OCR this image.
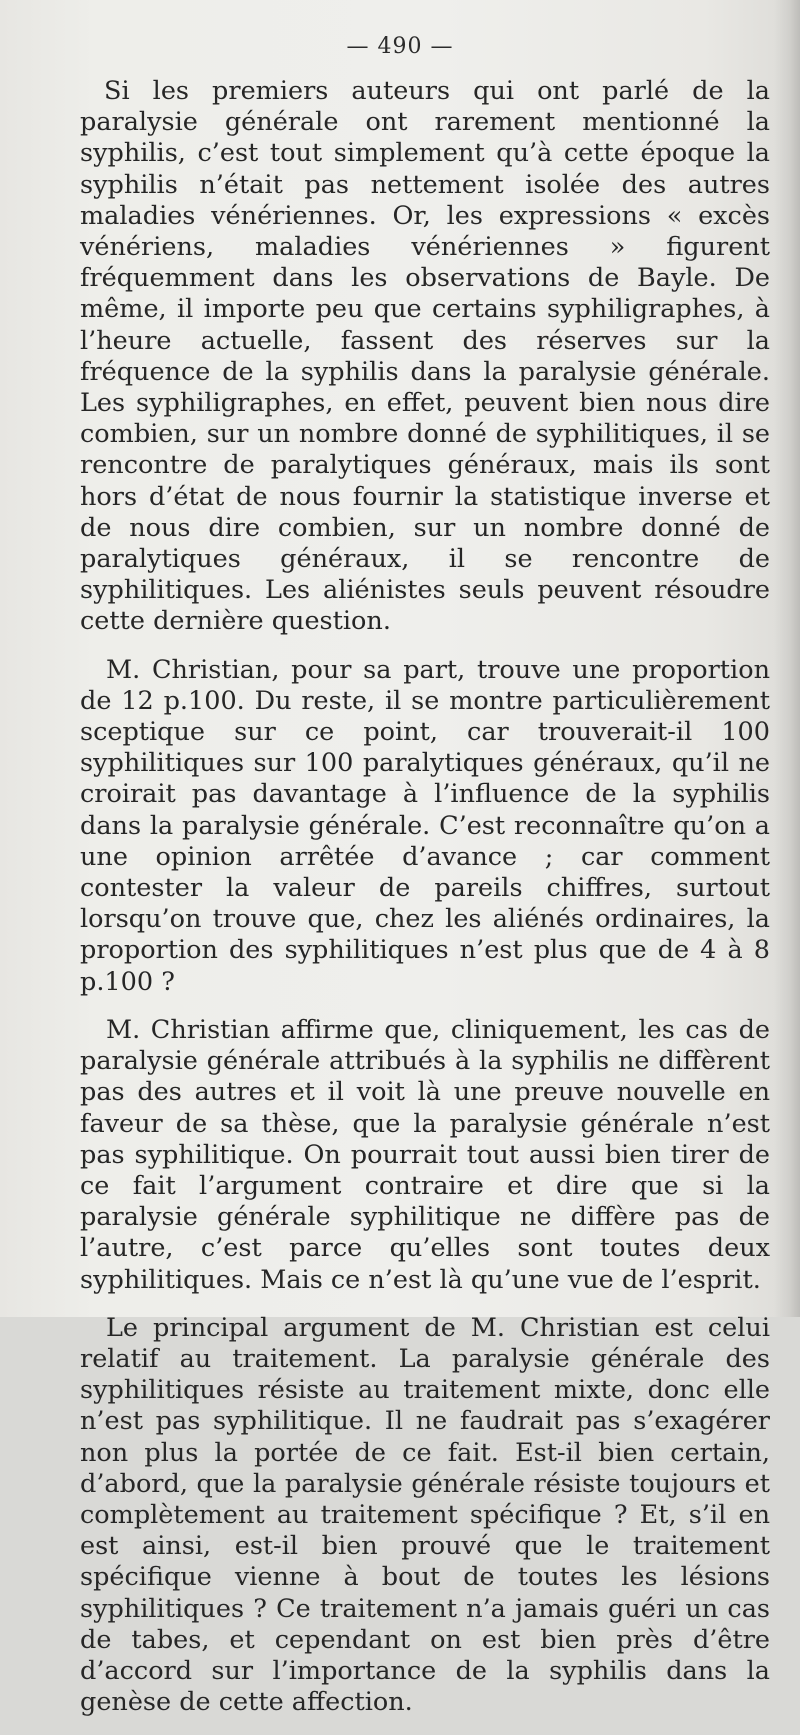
— 490 —

Si les premiers auteurs qui ont parlé de la paralysie générale ont rarement mentionné la syphilis, c’est tout simplement qu’à cette époque la syphilis n’était pas nettement isolée des autres maladies vénériennes. Or, les expressions « excès vénériens, maladies vénériennes » figurent fréquemment dans les observations de Bayle. De même, il importe peu que certains syphiligraphes, à l’heure actuelle, fassent des réserves sur la fréquence de la syphilis dans la paralysie générale. Les syphiligraphes, en effet, peuvent bien nous dire combien, sur un nombre donné de syphilitiques, il se rencontre de paralytiques généraux, mais ils sont hors d’état de nous fournir la statistique inverse et de nous dire combien, sur un nombre donné de paralytiques généraux, il se rencontre de syphilitiques. Les aliénistes seuls peuvent résoudre cette dernière question.

M. Christian, pour sa part, trouve une proportion de 12 p.100. Du reste, il se montre particulièrement sceptique sur ce point, car trouverait-il 100 syphilitiques sur 100 paralytiques généraux, qu’il ne croirait pas davantage à l’influence de la syphilis dans la paralysie générale. C’est reconnaître qu’on a une opinion arrêtée d’avance ; car comment contester la valeur de pareils chiffres, surtout lorsqu’on trouve que, chez les aliénés ordinaires, la proportion des syphilitiques n’est plus que de 4 à 8 p.100 ?

M. Christian affirme que, cliniquement, les cas de paralysie générale attribués à la syphilis ne diffèrent pas des autres et il voit là une preuve nouvelle en faveur de sa thèse, que la paralysie générale n’est pas syphilitique. On pourrait tout aussi bien tirer de ce fait l’argument contraire et dire que si la paralysie générale syphilitique ne diffère pas de l’autre, c’est parce qu’elles sont toutes deux syphilitiques. Mais ce n’est là qu’une vue de l’esprit.

Le principal argument de M. Christian est celui relatif au traitement. La paralysie générale des syphilitiques résiste au traitement mixte, donc elle n’est pas syphilitique. Il ne faudrait pas s’exagérer non plus la portée de ce fait. Est-il bien certain, d’abord, que la paralysie générale résiste toujours et complètement au traitement spécifique ? Et, s’il en est ainsi, est-il bien prouvé que le traitement spécifique vienne à bout de toutes les lésions syphilitiques ? Ce traitement n’a jamais guéri un cas de tabes, et cependant on est bien près d’être d’accord sur l’importance de la syphilis dans la genèse de cette affection.
